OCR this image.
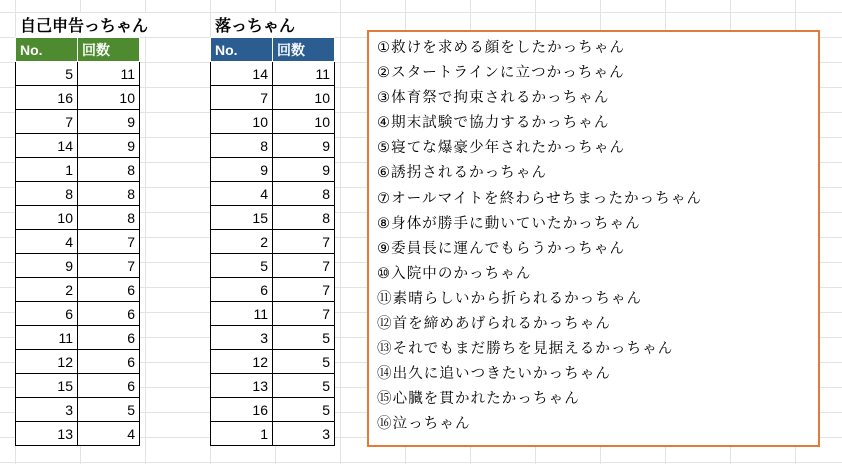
自己申告っちゃん
No.	回数
5	11
16	10
7	9
14	9
1	8
8	8
10	8
4	7
9	7
2	6
6	6
11	6
12	6
15	6
3	5
13	4
落っちゃん
No.	回数
14	11
7	10
10	10
8	9
9	9
4	8
15	8
2	7
5	7
6	7
11	7
3	5
12	5
13	5
16	5
1	3
①救けを求める顔をしたかっちゃん
②スタートラインに立つかっちゃん
③体育祭で拘束されるかっちゃん
④期末試験で協力するかっちゃん
⑤寝てな爆豪少年されたかっちゃん
⑥誘拐されるかっちゃん
⑦オールマイトを終わらせちまったかっちゃん
⑧身体が勝手に動いていたかっちゃん
⑨委員長に運んでもらうかっちゃん
⑩入院中のかっちゃん
⑪素晴らしいから折られるかっちゃん
⑫首を締めあげられるかっちゃん
⑬それでもまだ勝ちを見据えるかっちゃん
⑭出久に追いつきたいかっちゃん
⑮心臓を貫かれたかっちゃん
⑯泣っちゃん
